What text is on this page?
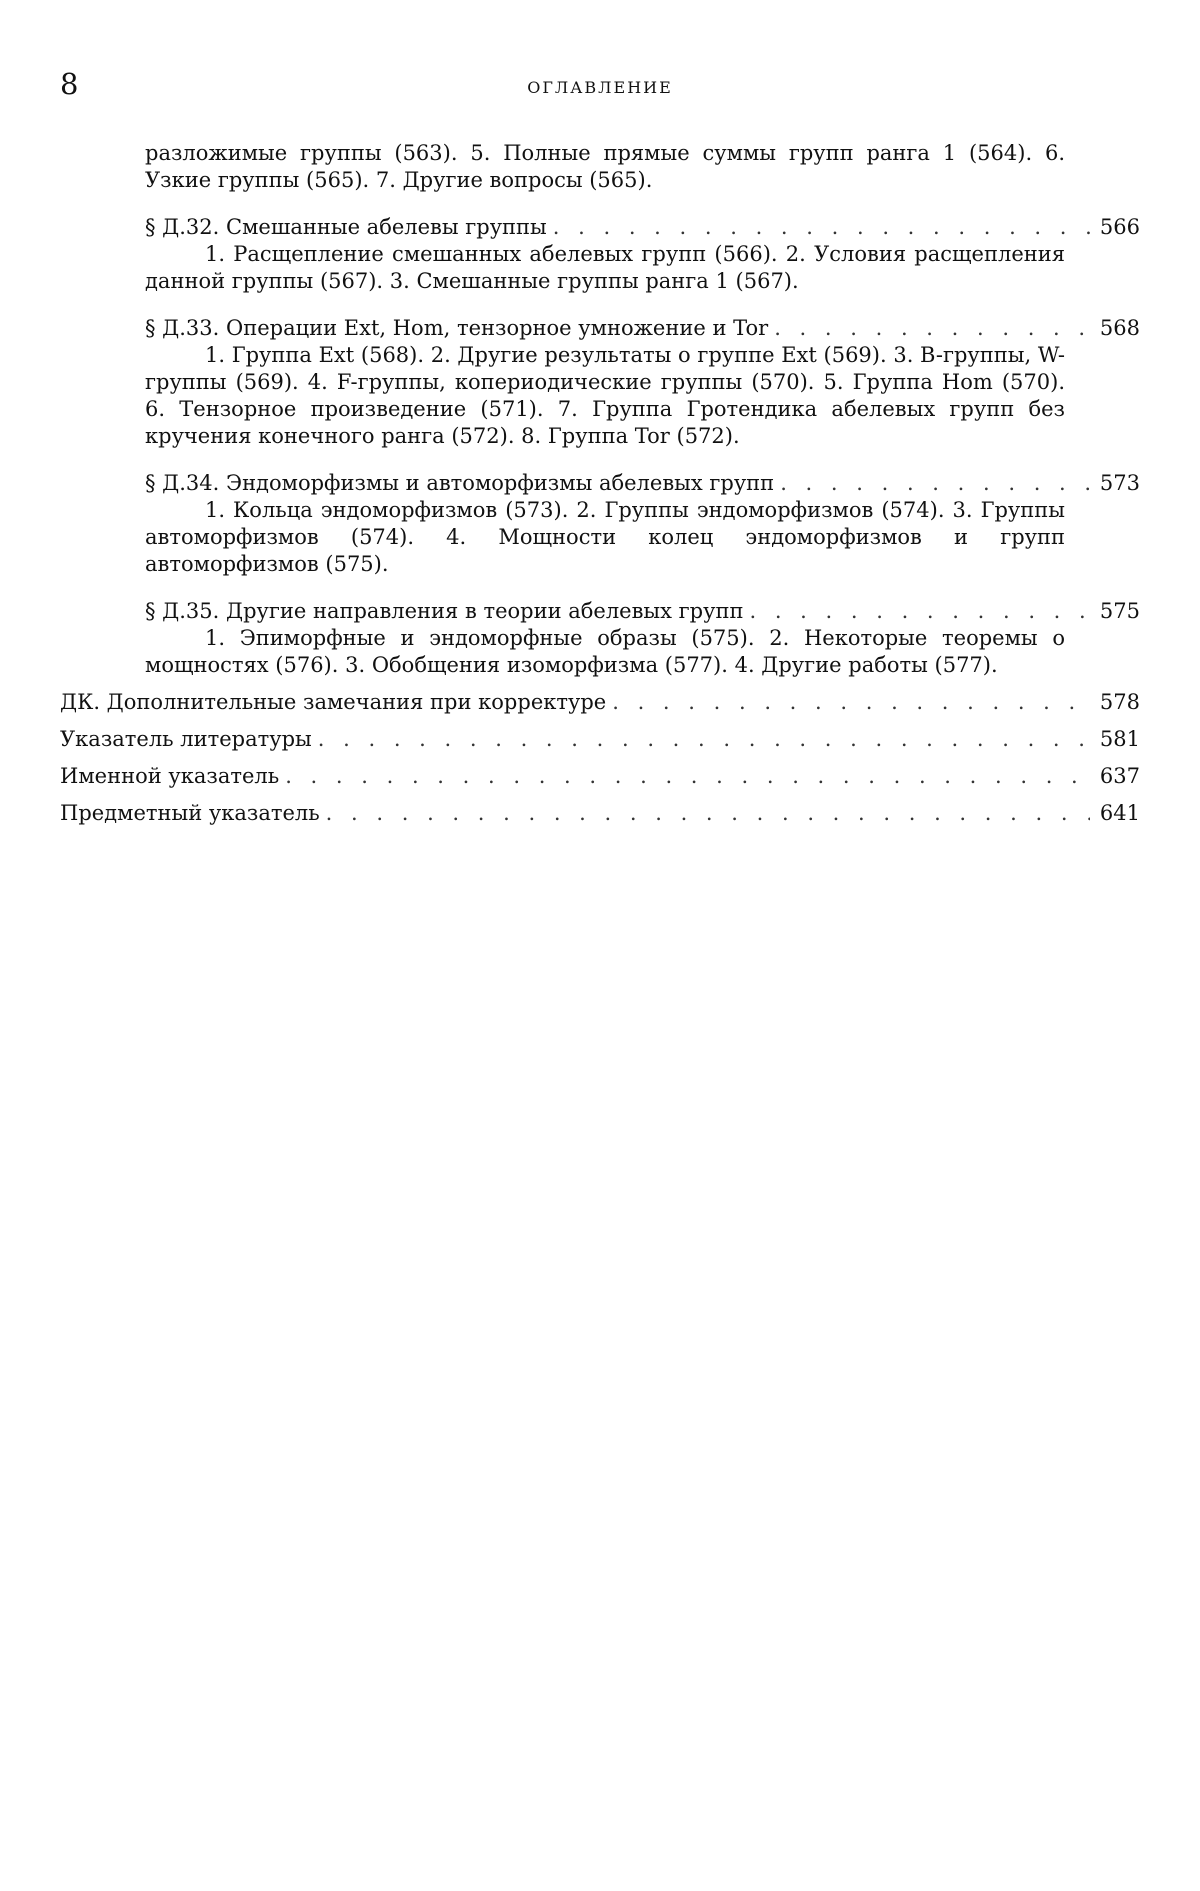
8	ОГЛАВЛЕНИЕ
разложимые группы (563). 5. Полные прямые суммы групп ранга 1 (564). 6. Узкие группы (565). 7. Другие вопросы (565).
§ Д.32. Смешанные абелевы группы . . .	566
1. Расщепление смешанных абелевых групп (566). 2. Условия расщепления данной группы (567). 3. Смешанные группы ранга 1 (567).
§ Д.33. Операции Ext, Hom, тензорное умножение и Tor . . .	568
1. Группа Ext (568). 2. Другие результаты о группе Ext (569). 3. B-группы, W-группы (569). 4. F-группы, копериодические группы (570). 5. Группа Hom (570). 6. Тензорное произведение (571). 7. Группа Гротендика абелевых групп без кручения конечного ранга (572). 8. Группа Tor (572).
§ Д.34. Эндоморфизмы и автоморфизмы абелевых групп . . .	573
1. Кольца эндоморфизмов (573). 2. Группы эндоморфизмов (574). 3. Группы автоморфизмов (574). 4. Мощности колец эндоморфизмов и групп автоморфизмов (575).
§ Д.35. Другие направления в теории абелевых групп . . .	575
1. Эпиморфные и эндоморфные образы (575). 2. Некоторые теоремы о мощностях (576). 3. Обобщения изоморфизма (577). 4. Другие работы (577).
ДК. Дополнительные замечания при корректуре . . .	578
Указатель литературы . . .	581
Именной указатель . . .	637
Предметный указатель . . .	641
